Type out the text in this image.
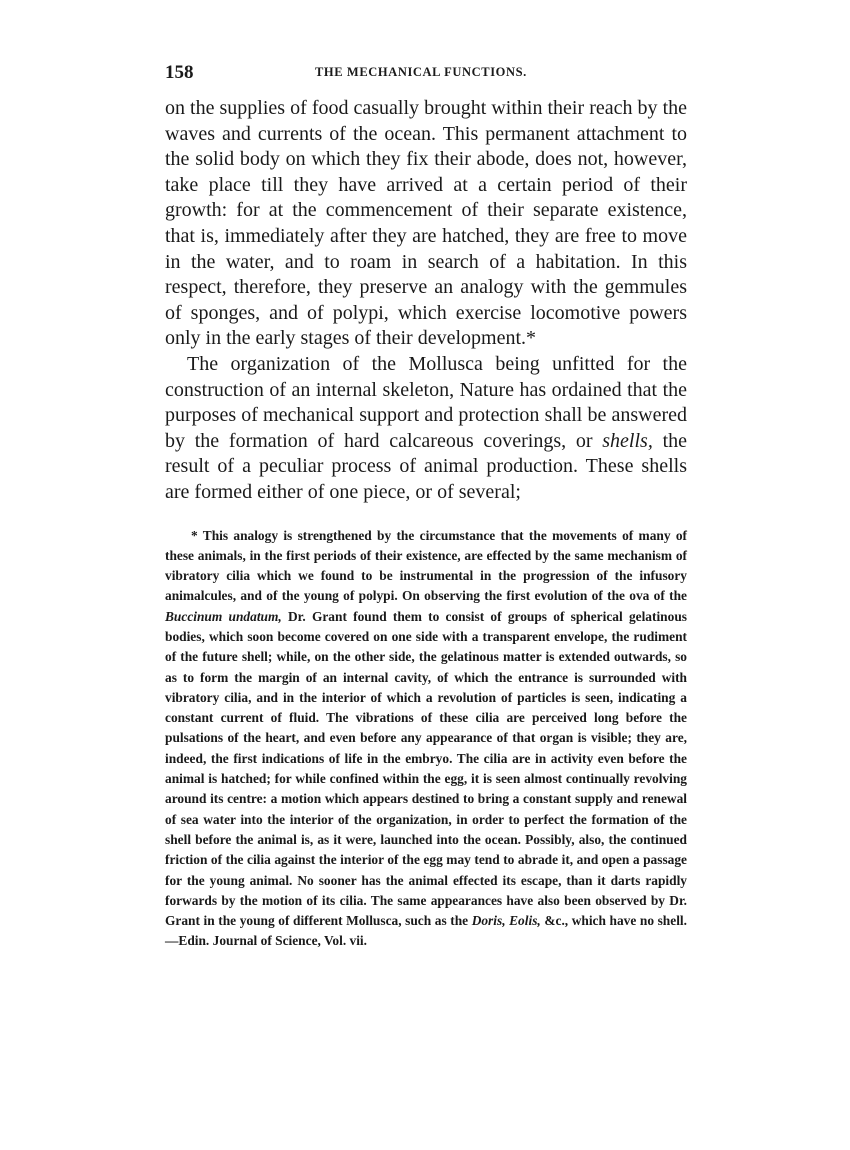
158	THE MECHANICAL FUNCTIONS.

on the supplies of food casually brought within their reach by the waves and currents of the ocean. This permanent attachment to the solid body on which they fix their abode, does not, however, take place till they have arrived at a certain period of their growth: for at the commencement of their separate existence, that is, immediately after they are hatched, they are free to move in the water, and to roam in search of a habitation. In this respect, therefore, they preserve an analogy with the gemmules of sponges, and of polypi, which exercise locomotive powers only in the early stages of their development.*

The organization of the Mollusca being unfitted for the construction of an internal skeleton, Nature has ordained that the purposes of mechanical support and protection shall be answered by the formation of hard calcareous coverings, or shells, the result of a peculiar process of animal production. These shells are formed either of one piece, or of several;

* This analogy is strengthened by the circumstance that the movements of many of these animals, in the first periods of their existence, are effected by the same mechanism of vibratory cilia which we found to be instrumental in the progression of the infusory animalcules, and of the young of polypi. On observing the first evolution of the ova of the Buccinum undatum, Dr. Grant found them to consist of groups of spherical gelatinous bodies, which soon become covered on one side with a transparent envelope, the rudiment of the future shell; while, on the other side, the gelatinous matter is extended outwards, so as to form the margin of an internal cavity, of which the entrance is surrounded with vibratory cilia, and in the interior of which a revolution of particles is seen, indicating a constant current of fluid. The vibrations of these cilia are perceived long before the pulsations of the heart, and even before any appearance of that organ is visible; they are, indeed, the first indications of life in the embryo. The cilia are in activity even before the animal is hatched; for while confined within the egg, it is seen almost continually revolving around its centre: a motion which appears destined to bring a constant supply and renewal of sea water into the interior of the organization, in order to perfect the formation of the shell before the animal is, as it were, launched into the ocean. Possibly, also, the continued friction of the cilia against the interior of the egg may tend to abrade it, and open a passage for the young animal. No sooner has the animal effected its escape, than it darts rapidly forwards by the motion of its cilia. The same appearances have also been observed by Dr. Grant in the young of different Mollusca, such as the Doris, Eolis, &c., which have no shell.—Edin. Journal of Science, Vol. vii.
